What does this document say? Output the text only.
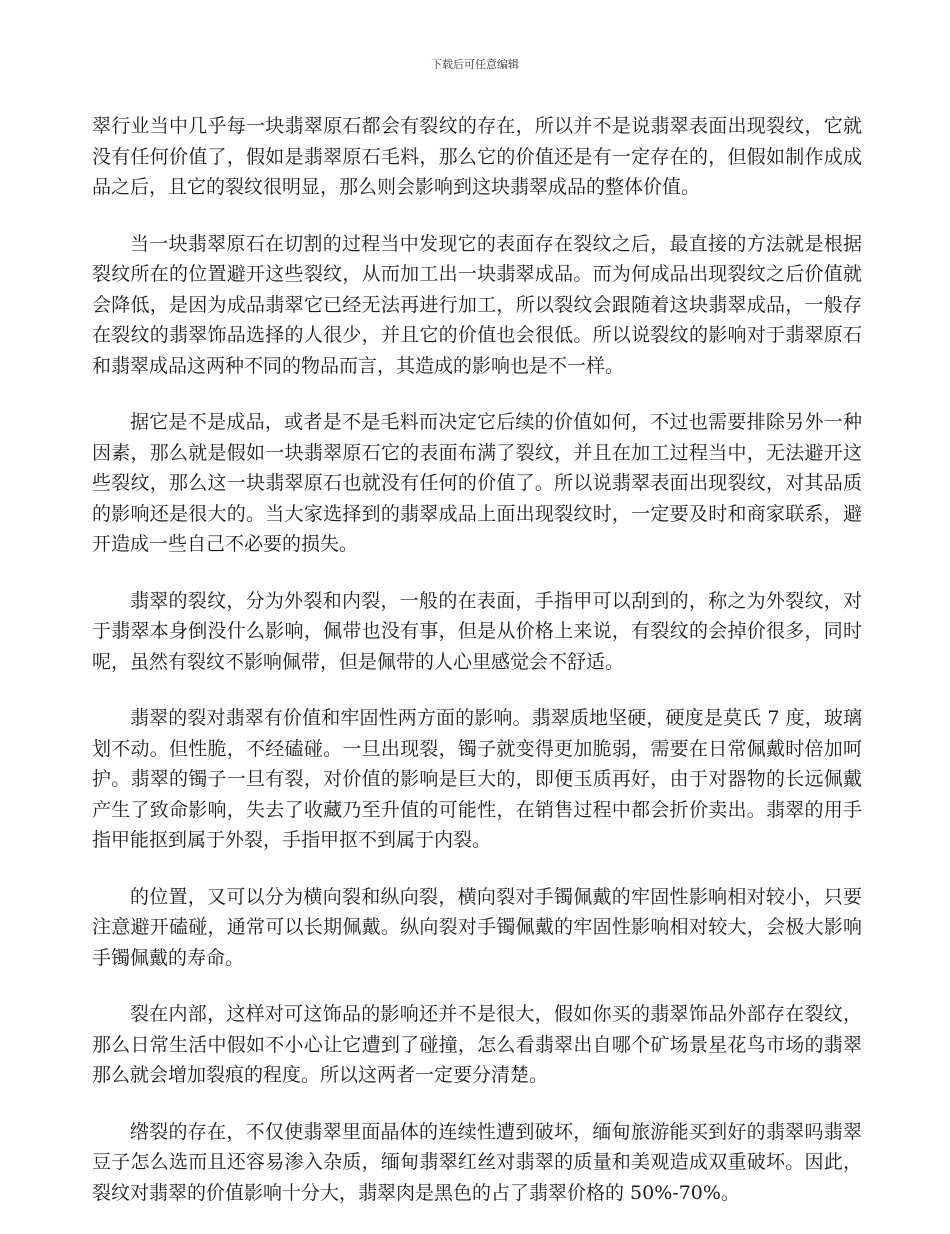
下载后可任意编辑

翠行业当中几乎每一块翡翠原石都会有裂纹的存在，所以并不是说翡翠表面出现裂纹，它就没有任何价值了，假如是翡翠原石毛料，那么它的价值还是有一定存在的，但假如制作成成品之后，且它的裂纹很明显，那么则会影响到这块翡翠成品的整体价值。

当一块翡翠原石在切割的过程当中发现它的表面存在裂纹之后，最直接的方法就是根据裂纹所在的位置避开这些裂纹，从而加工出一块翡翠成品。而为何成品出现裂纹之后价值就会降低，是因为成品翡翠它已经无法再进行加工，所以裂纹会跟随着这块翡翠成品，一般存在裂纹的翡翠饰品选择的人很少，并且它的价值也会很低。所以说裂纹的影响对于翡翠原石和翡翠成品这两种不同的物品而言，其造成的影响也是不一样。

据它是不是成品，或者是不是毛料而决定它后续的价值如何，不过也需要排除另外一种因素，那么就是假如一块翡翠原石它的表面布满了裂纹，并且在加工过程当中，无法避开这些裂纹，那么这一块翡翠原石也就没有任何的价值了。所以说翡翠表面出现裂纹，对其品质的影响还是很大的。当大家选择到的翡翠成品上面出现裂纹时，一定要及时和商家联系，避开造成一些自己不必要的损失。

翡翠的裂纹，分为外裂和内裂，一般的在表面，手指甲可以刮到的，称之为外裂纹，对于翡翠本身倒没什么影响，佩带也没有事，但是从价格上来说，有裂纹的会掉价很多，同时呢，虽然有裂纹不影响佩带，但是佩带的人心里感觉会不舒适。

翡翠的裂对翡翠有价值和牢固性两方面的影响。翡翠质地坚硬，硬度是莫氏 7 度，玻璃划不动。但性脆，不经磕碰。一旦出现裂，镯子就变得更加脆弱，需要在日常佩戴时倍加呵护。翡翠的镯子一旦有裂，对价值的影响是巨大的，即便玉质再好，由于对器物的长远佩戴产生了致命影响，失去了收藏乃至升值的可能性，在销售过程中都会折价卖出。翡翠的用手指甲能抠到属于外裂，手指甲抠不到属于内裂。

的位置，又可以分为横向裂和纵向裂，横向裂对手镯佩戴的牢固性影响相对较小，只要注意避开磕碰，通常可以长期佩戴。纵向裂对手镯佩戴的牢固性影响相对较大，会极大影响手镯佩戴的寿命。

裂在内部，这样对可这饰品的影响还并不是很大，假如你买的翡翠饰品外部存在裂纹，那么日常生活中假如不小心让它遭到了碰撞，怎么看翡翠出自哪个矿场景星花鸟市场的翡翠那么就会增加裂痕的程度。所以这两者一定要分清楚。

绺裂的存在，不仅使翡翠里面晶体的连续性遭到破坏，缅甸旅游能买到好的翡翠吗翡翠豆子怎么选而且还容易渗入杂质，缅甸翡翠红丝对翡翠的质量和美观造成双重破坏。因此，裂纹对翡翠的价值影响十分大，翡翠肉是黑色的占了翡翠价格的 50%-70%。
